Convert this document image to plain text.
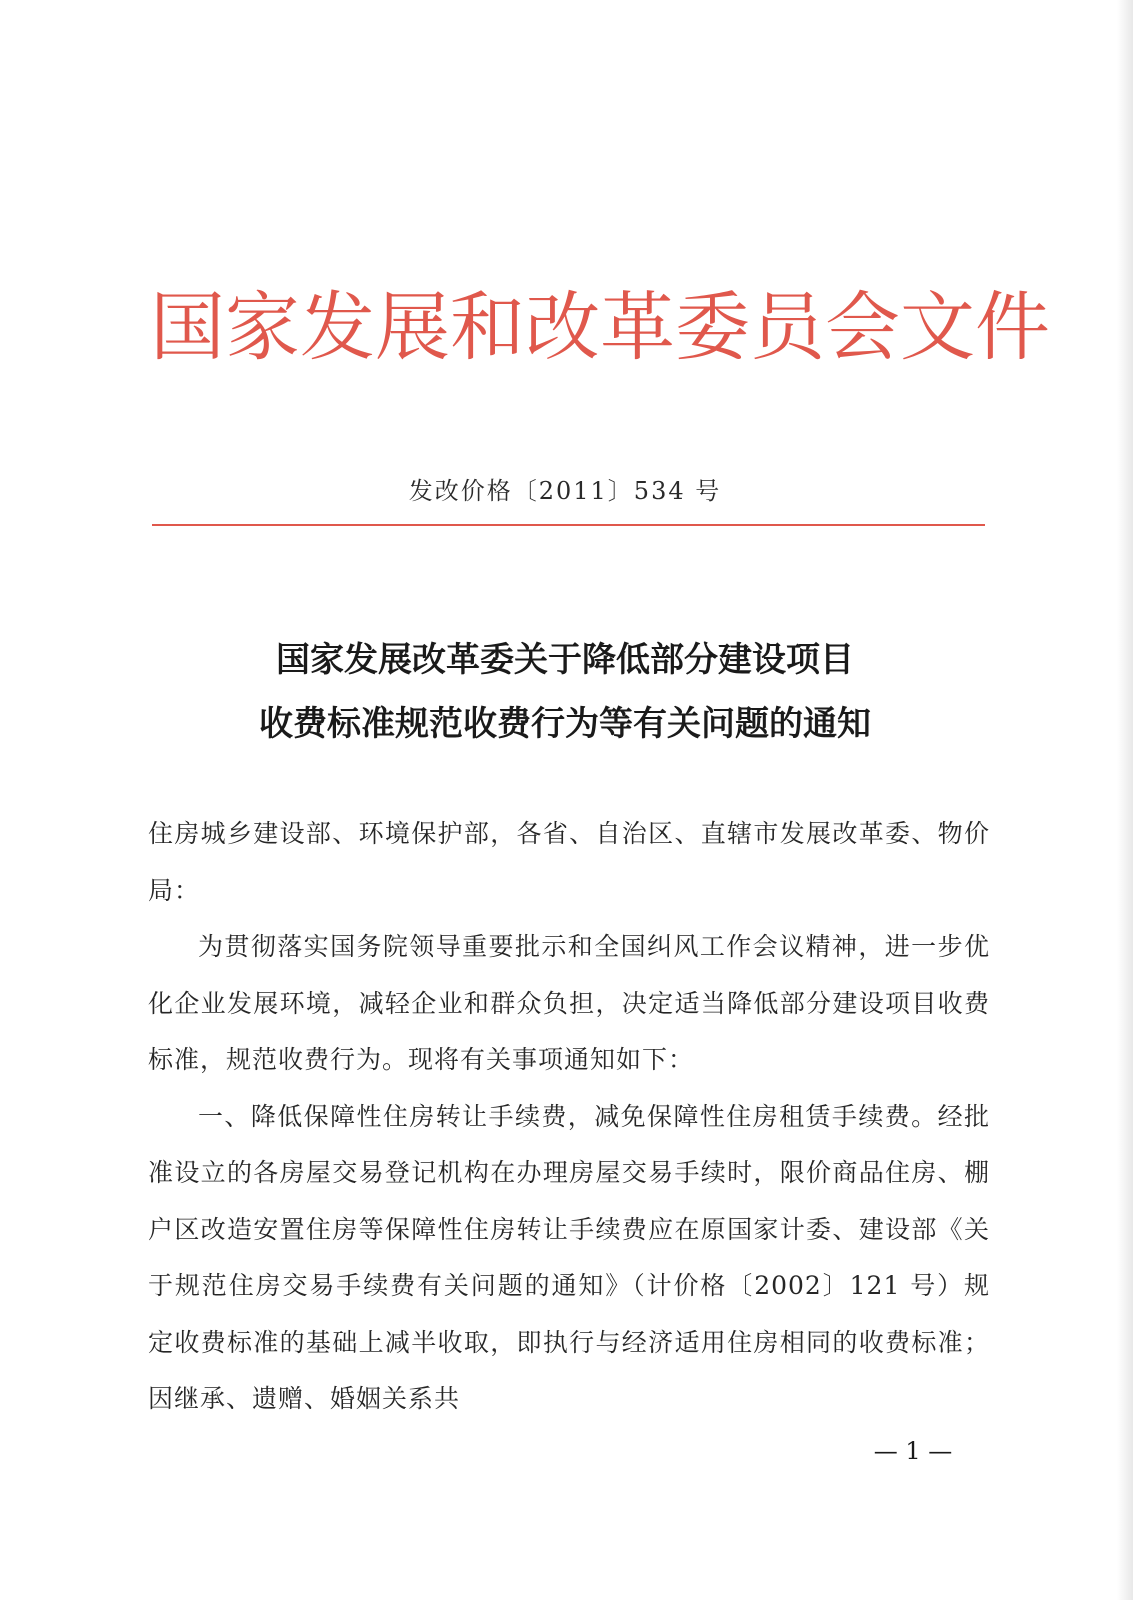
国家发展和改革委员会文件

发改价格〔2011〕534 号

国家发展改革委关于降低部分建设项目
收费标准规范收费行为等有关问题的通知

住房城乡建设部、环境保护部，各省、自治区、直辖市发展改革委、物价局：

为贯彻落实国务院领导重要批示和全国纠风工作会议精神，进一步优化企业发展环境，减轻企业和群众负担，决定适当降低部分建设项目收费标准，规范收费行为。现将有关事项通知如下：

一、降低保障性住房转让手续费，减免保障性住房租赁手续费。经批准设立的各房屋交易登记机构在办理房屋交易手续时，限价商品住房、棚户区改造安置住房等保障性住房转让手续费应在原国家计委、建设部《关于规范住房交易手续费有关问题的通知》（计价格〔2002〕121 号）规定收费标准的基础上减半收取，即执行与经济适用住房相同的收费标准；因继承、遗赠、婚姻关系共

— 1 —
